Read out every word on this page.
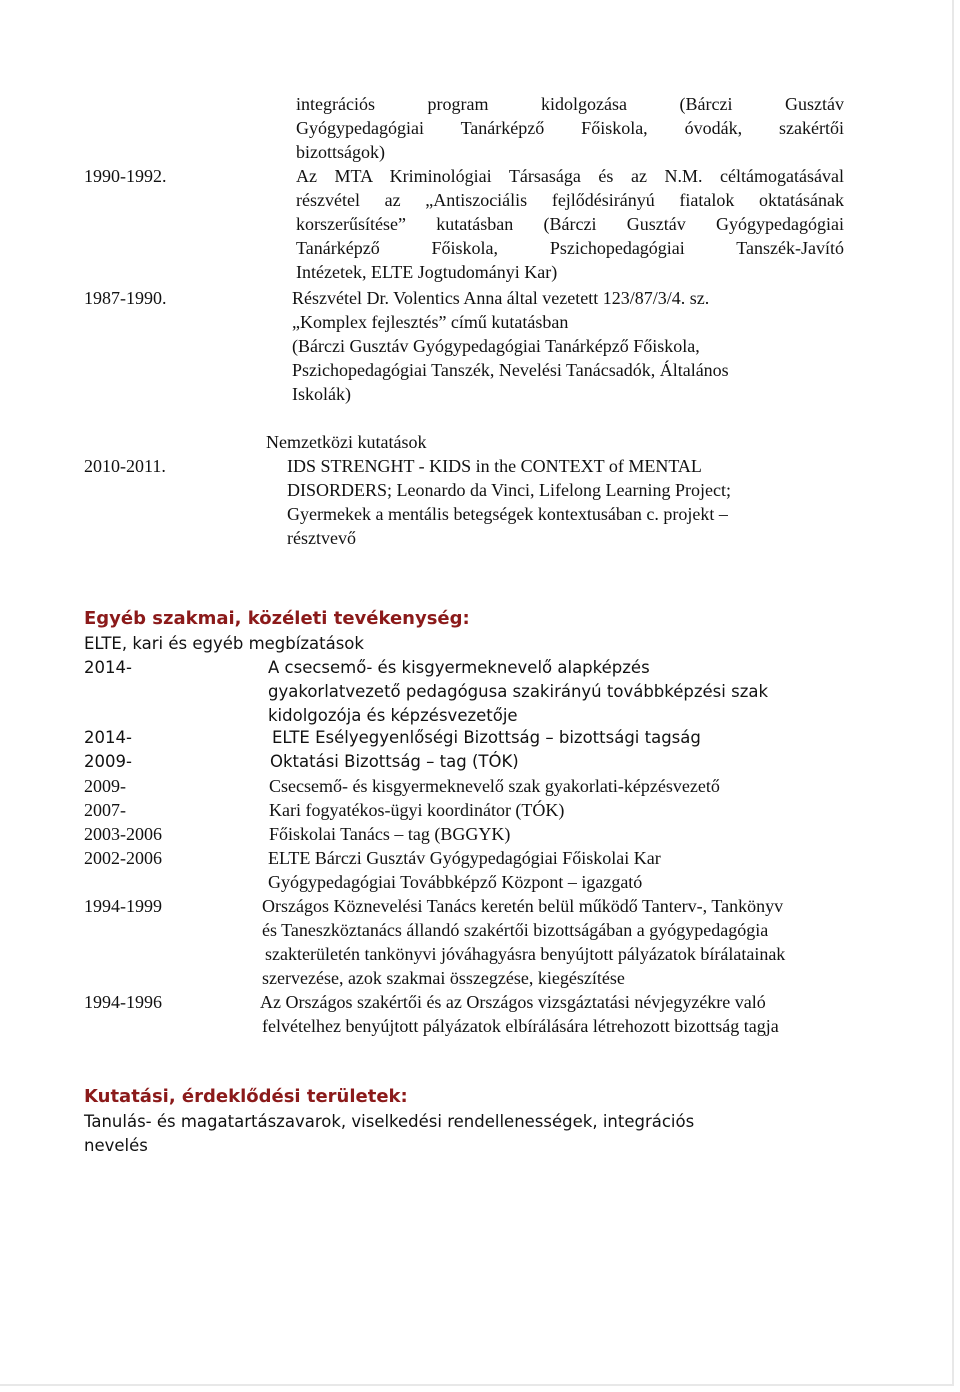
integrációs program kidolgozása (Bárczi Gusztáv
Gyógypedagógiai Tanárképző Főiskola, óvodák, szakértői
bizottságok)
1990-1992.	Az MTA Kriminológiai Társasága és az N.M. céltámogatásával
részvétel az „Antiszociális fejlődésirányú fiatalok oktatásának
korszerűsítése” kutatásban (Bárczi Gusztáv Gyógypedagógiai
Tanárképző Főiskola, Pszichopedagógiai Tanszék-Javító
Intézetek, ELTE Jogtudományi Kar)
1987-1990.	Részvétel Dr. Volentics Anna által vezetett 123/87/3/4. sz.
„Komplex fejlesztés” című kutatásban
(Bárczi Gusztáv Gyógypedagógiai Tanárképző Főiskola,
Pszichopedagógiai Tanszék, Nevelési Tanácsadók, Általános
Iskolák)
Nemzetközi kutatások
2010-2011.	IDS STRENGHT - KIDS in the CONTEXT of MENTAL
DISORDERS; Leonardo da Vinci, Lifelong Learning Project;
Gyermekek a mentális betegségek kontextusában c. projekt –
résztvevő
Egyéb szakmai, közéleti tevékenység:
ELTE, kari és egyéb megbízatások
2014-	A csecsemő- és kisgyermeknevelő alapképzés
gyakorlatvezető pedagógusa szakirányú továbbképzési szak
kidolgozója és képzésvezetője
2014-	ELTE Esélyegyenlőségi Bizottság – bizottsági tagság
2009-	Oktatási Bizottság – tag (TÓK)
2009-	Csecsemő- és kisgyermeknevelő szak gyakorlati-képzésvezető
2007-	Kari fogyatékos-ügyi koordinátor (TÓK)
2003-2006	Főiskolai Tanács – tag (BGGYK)
2002-2006	ELTE Bárczi Gusztáv Gyógypedagógiai Főiskolai Kar
Gyógypedagógiai Továbbképző Központ – igazgató
1994-1999	Országos Köznevelési Tanács keretén belül működő Tanterv-, Tankönyv
és Taneszköztanács állandó szakértői bizottságában a gyógypedagógia
szakterületén tankönyvi jóváhagyásra benyújtott pályázatok bírálatainak
szervezése, azok szakmai összegzése, kiegészítése
1994-1996	Az Országos szakértői és az Országos vizsgáztatási névjegyzékre való
felvételhez benyújtott pályázatok elbírálására létrehozott bizottság tagja
Kutatási, érdeklődési területek:
Tanulás- és magatartászavarok, viselkedési rendellenességek, integrációs
nevelés
